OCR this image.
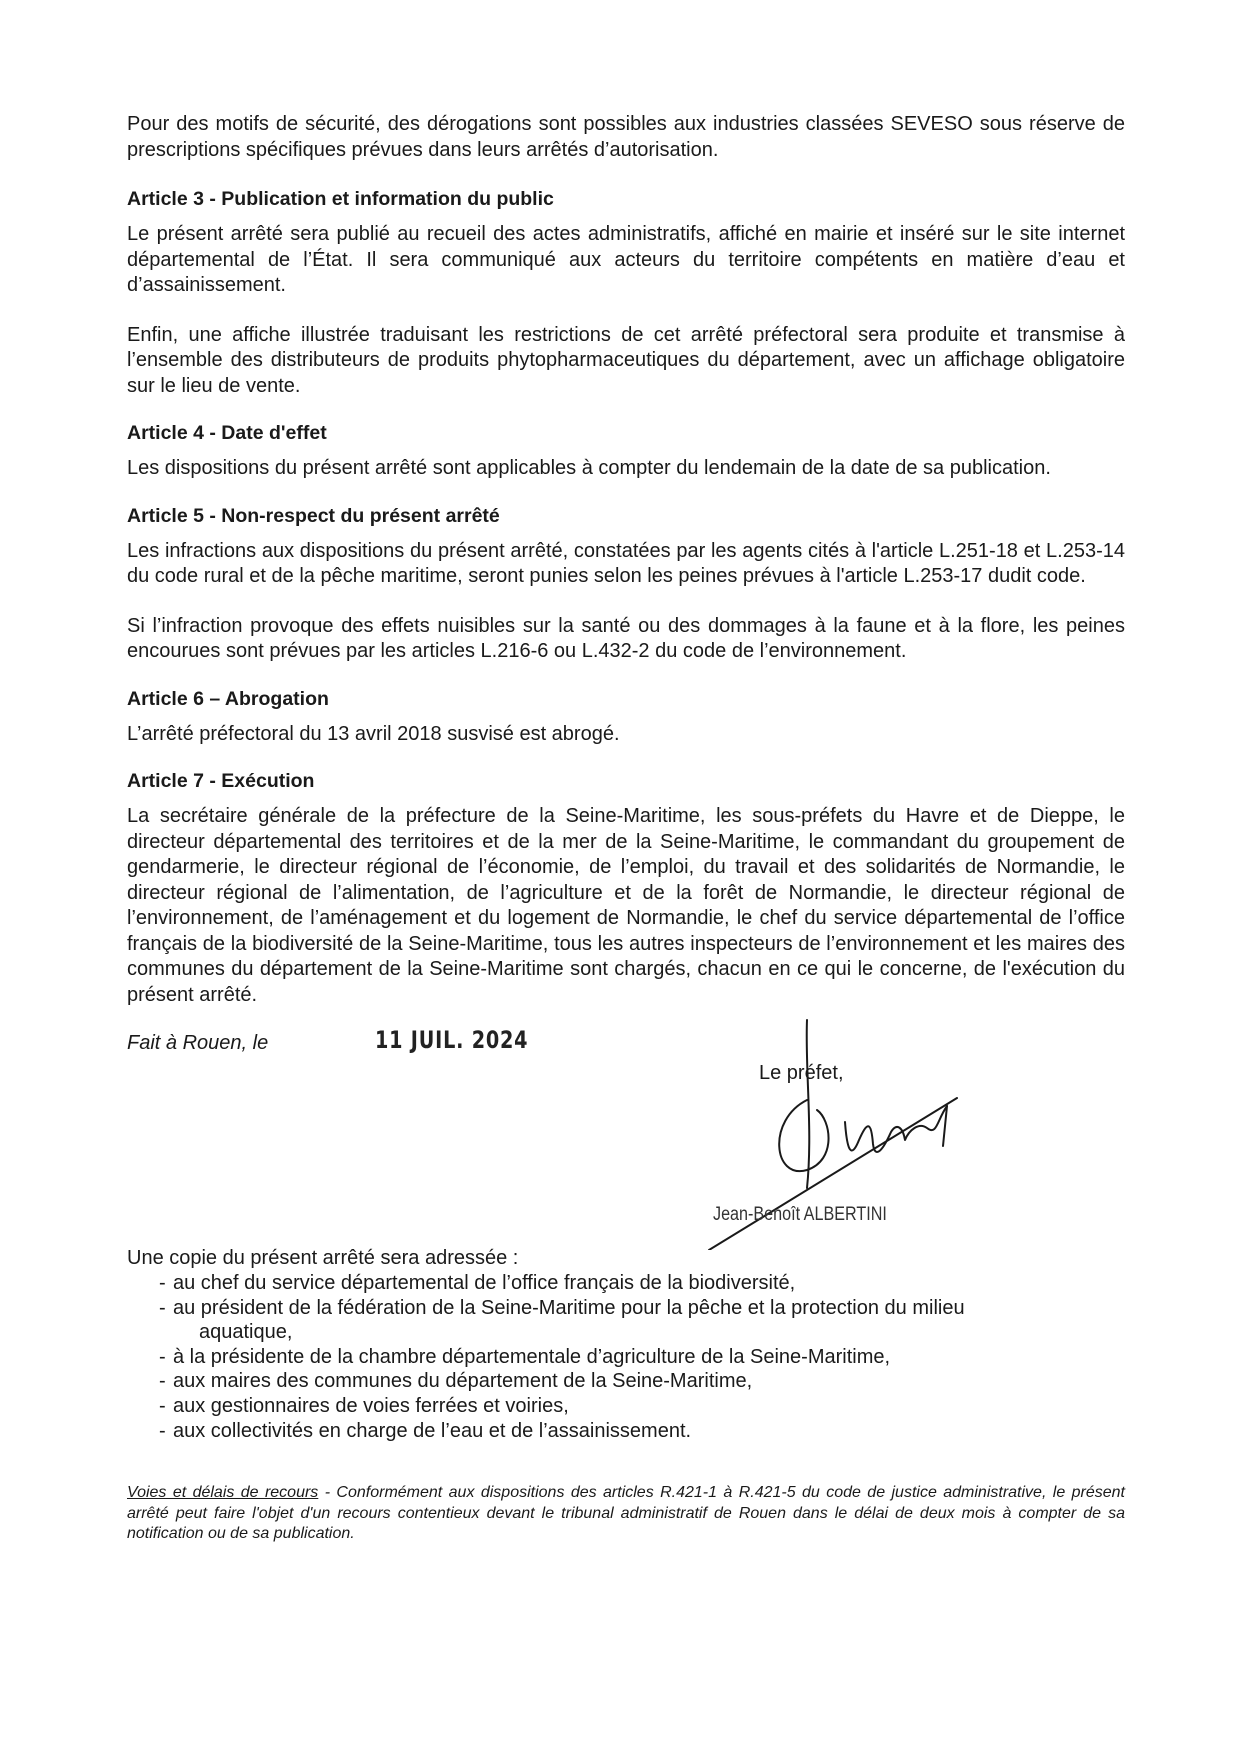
Pour des motifs de sécurité, des dérogations sont possibles aux industries classées SEVESO sous réserve de prescriptions spécifiques prévues dans leurs arrêtés d’autorisation.

Article 3 - Publication et information du public

Le présent arrêté sera publié au recueil des actes administratifs, affiché en mairie et inséré sur le site internet départemental de l’État. Il sera communiqué aux acteurs du territoire compétents en matière d’eau et d’assainissement.

Enfin, une affiche illustrée traduisant les restrictions de cet arrêté préfectoral sera produite et transmise à l’ensemble des distributeurs de produits phytopharmaceutiques du département, avec un affichage obligatoire sur le lieu de vente.

Article 4 - Date d'effet

Les dispositions du présent arrêté sont applicables à compter du lendemain de la date de sa publication.

Article 5 - Non-respect du présent arrêté

Les infractions aux dispositions du présent arrêté, constatées par les agents cités à l'article L.251-18 et L.253-14 du code rural et de la pêche maritime, seront punies selon les peines prévues à l'article L.253-17 dudit code.

Si l’infraction provoque des effets nuisibles sur la santé ou des dommages à la faune et à la flore, les peines encourues sont prévues par les articles L.216-6 ou L.432-2 du code de l’environnement.

Article 6 – Abrogation

L’arrêté préfectoral du 13 avril 2018 susvisé est abrogé.

Article 7 - Exécution

La secrétaire générale de la préfecture de la Seine-Maritime, les sous-préfets du Havre et de Dieppe, le directeur départemental des territoires et de la mer de la Seine-Maritime, le commandant du groupement de gendarmerie, le directeur régional de l’économie, de l’emploi, du travail et des solidarités de Normandie, le directeur régional de l’alimentation, de l’agriculture et de la forêt de Normandie, le directeur régional de l’environnement, de l’aménagement et du logement de Normandie, le chef du service départemental de l’office français de la biodiversité de la Seine-Maritime, tous les autres inspecteurs de l’environnement et les maires des communes du département de la Seine-Maritime sont chargés, chacun en ce qui le concerne, de l'exécution du présent arrêté.

Fait à Rouen, le	11 JUIL. 2024
Le préfet,
Jean-Benoît ALBERTINI
Une copie du présent arrêté sera adressée :
- au chef du service départemental de l’office français de la biodiversité,
- au président de la fédération de la Seine-Maritime pour la pêche et la protection du milieu
aquatique,
- à la présidente de la chambre départementale d’agriculture de la Seine-Maritime,
- aux maires des communes du département de la Seine-Maritime,
- aux gestionnaires de voies ferrées et voiries,
- aux collectivités en charge de l’eau et de l’assainissement.

Voies et délais de recours - Conformément aux dispositions des articles R.421-1 à R.421-5 du code de justice administrative, le présent arrêté peut faire l'objet d'un recours contentieux devant le tribunal administratif de Rouen dans le délai de deux mois à compter de sa notification ou de sa publication.
